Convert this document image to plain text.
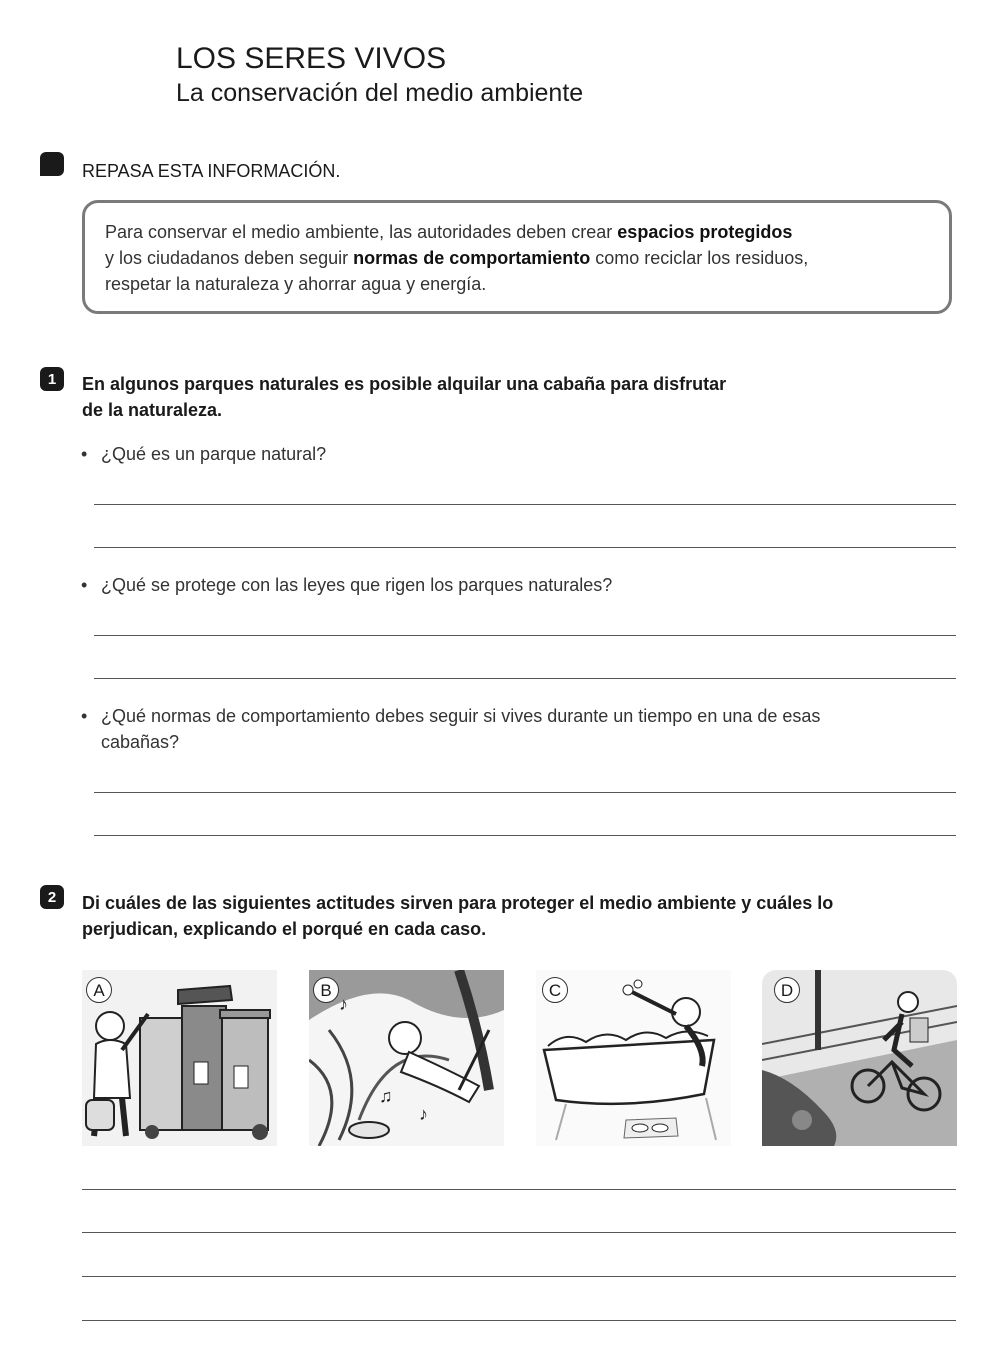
LOS SERES VIVOS
La conservación del medio ambiente
REPASA ESTA INFORMACIÓN.
Para conservar el medio ambiente, las autoridades deben crear espacios protegidos
y los ciudadanos deben seguir normas de comportamiento como reciclar los residuos,
respetar la naturaleza y ahorrar agua y energía.
1	En algunos parques naturales es posible alquilar una cabaña para disfrutar
de la naturaleza.
• ¿Qué es un parque natural?
• ¿Qué se protege con las leyes que rigen los parques naturales?
• ¿Qué normas de comportamiento debes seguir si vives durante un tiempo en una de esas
cabañas?
2	Di cuáles de las siguientes actitudes sirven para proteger el medio ambiente y cuáles lo
perjudican, explicando el porqué en cada caso.
A
♪
♫
♪
B	C	D
